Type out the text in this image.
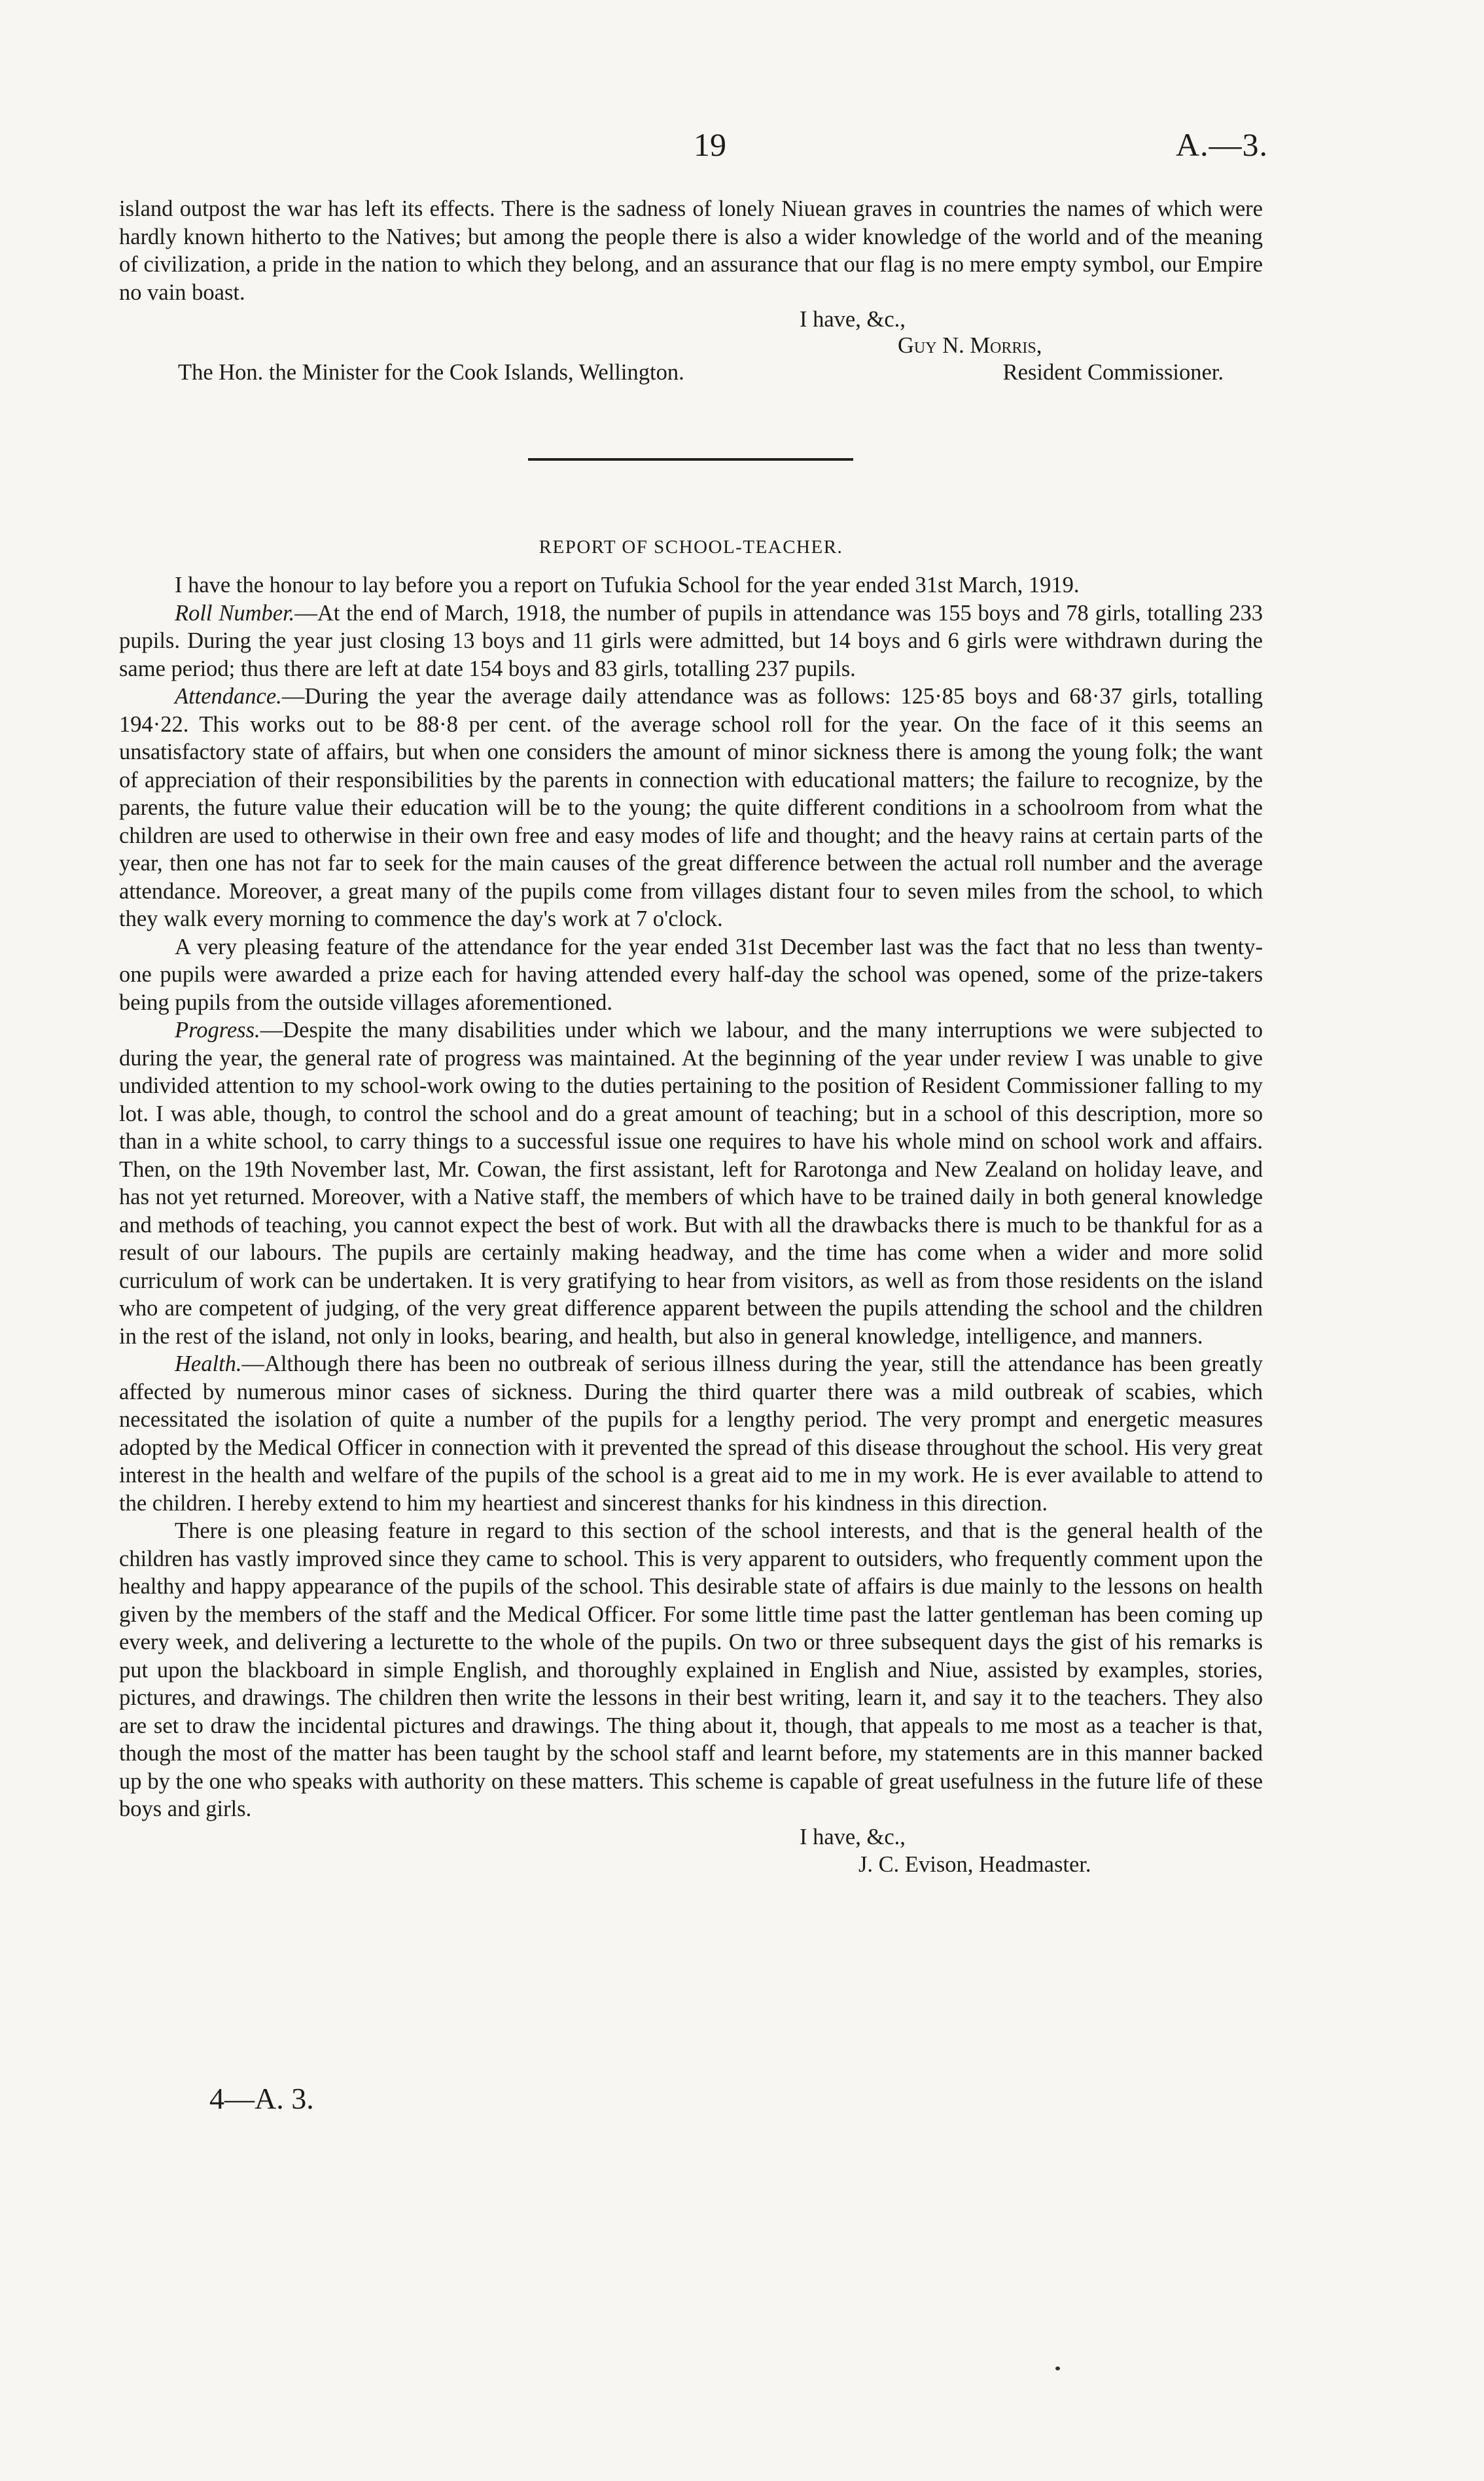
19	A.—3.

island outpost the war has left its effects. There is the sadness of lonely Niuean graves in countries the names of which were hardly known hitherto to the Natives; but among the people there is also a wider knowledge of the world and of the meaning of civilization, a pride in the nation to which they belong, and an assurance that our flag is no mere empty symbol, our Empire no vain boast.

I have, &c.,
Guy N. Morris,
The Hon. the Minister for the Cook Islands, Wellington.	Resident Commissioner.
REPORT OF SCHOOL-TEACHER.

I have the honour to lay before you a report on Tufukia School for the year ended 31st March, 1919.

Roll Number.—At the end of March, 1918, the number of pupils in attendance was 155 boys and 78 girls, totalling 233 pupils. During the year just closing 13 boys and 11 girls were admitted, but 14 boys and 6 girls were withdrawn during the same period; thus there are left at date 154 boys and 83 girls, totalling 237 pupils.

Attendance.—During the year the average daily attendance was as follows: 125·85 boys and 68·37 girls, totalling 194·22. This works out to be 88·8 per cent. of the average school roll for the year. On the face of it this seems an unsatisfactory state of affairs, but when one considers the amount of minor sickness there is among the young folk; the want of appreciation of their responsibilities by the parents in connection with educational matters; the failure to recognize, by the parents, the future value their education will be to the young; the quite different conditions in a schoolroom from what the children are used to otherwise in their own free and easy modes of life and thought; and the heavy rains at certain parts of the year, then one has not far to seek for the main causes of the great difference between the actual roll number and the average attendance. Moreover, a great many of the pupils come from villages distant four to seven miles from the school, to which they walk every morning to commence the day's work at 7 o'clock.

A very pleasing feature of the attendance for the year ended 31st December last was the fact that no less than twenty-one pupils were awarded a prize each for having attended every half-day the school was opened, some of the prize-takers being pupils from the outside villages aforementioned.

Progress.—Despite the many disabilities under which we labour, and the many interruptions we were subjected to during the year, the general rate of progress was maintained. At the beginning of the year under review I was unable to give undivided attention to my school-work owing to the duties pertaining to the position of Resident Commissioner falling to my lot. I was able, though, to control the school and do a great amount of teaching; but in a school of this description, more so than in a white school, to carry things to a successful issue one requires to have his whole mind on school work and affairs. Then, on the 19th November last, Mr. Cowan, the first assistant, left for Rarotonga and New Zealand on holiday leave, and has not yet returned. Moreover, with a Native staff, the members of which have to be trained daily in both general knowledge and methods of teaching, you cannot expect the best of work. But with all the drawbacks there is much to be thankful for as a result of our labours. The pupils are certainly making headway, and the time has come when a wider and more solid curriculum of work can be undertaken. It is very gratifying to hear from visitors, as well as from those residents on the island who are competent of judging, of the very great difference apparent between the pupils attending the school and the children in the rest of the island, not only in looks, bearing, and health, but also in general knowledge, intelligence, and manners.

Health.—Although there has been no outbreak of serious illness during the year, still the attendance has been greatly affected by numerous minor cases of sickness. During the third quarter there was a mild outbreak of scabies, which necessitated the isolation of quite a number of the pupils for a lengthy period. The very prompt and energetic measures adopted by the Medical Officer in connection with it prevented the spread of this disease throughout the school. His very great interest in the health and welfare of the pupils of the school is a great aid to me in my work. He is ever available to attend to the children. I hereby extend to him my heartiest and sincerest thanks for his kindness in this direction.

There is one pleasing feature in regard to this section of the school interests, and that is the general health of the children has vastly improved since they came to school. This is very apparent to outsiders, who frequently comment upon the healthy and happy appearance of the pupils of the school. This desirable state of affairs is due mainly to the lessons on health given by the members of the staff and the Medical Officer. For some little time past the latter gentleman has been coming up every week, and delivering a lecturette to the whole of the pupils. On two or three subsequent days the gist of his remarks is put upon the blackboard in simple English, and thoroughly explained in English and Niue, assisted by examples, stories, pictures, and drawings. The children then write the lessons in their best writing, learn it, and say it to the teachers. They also are set to draw the incidental pictures and drawings. The thing about it, though, that appeals to me most as a teacher is that, though the most of the matter has been taught by the school staff and learnt before, my statements are in this manner backed up by the one who speaks with authority on these matters. This scheme is capable of great usefulness in the future life of these boys and girls.

I have, &c.,
J. C. Evison, Headmaster.
4—A. 3.
